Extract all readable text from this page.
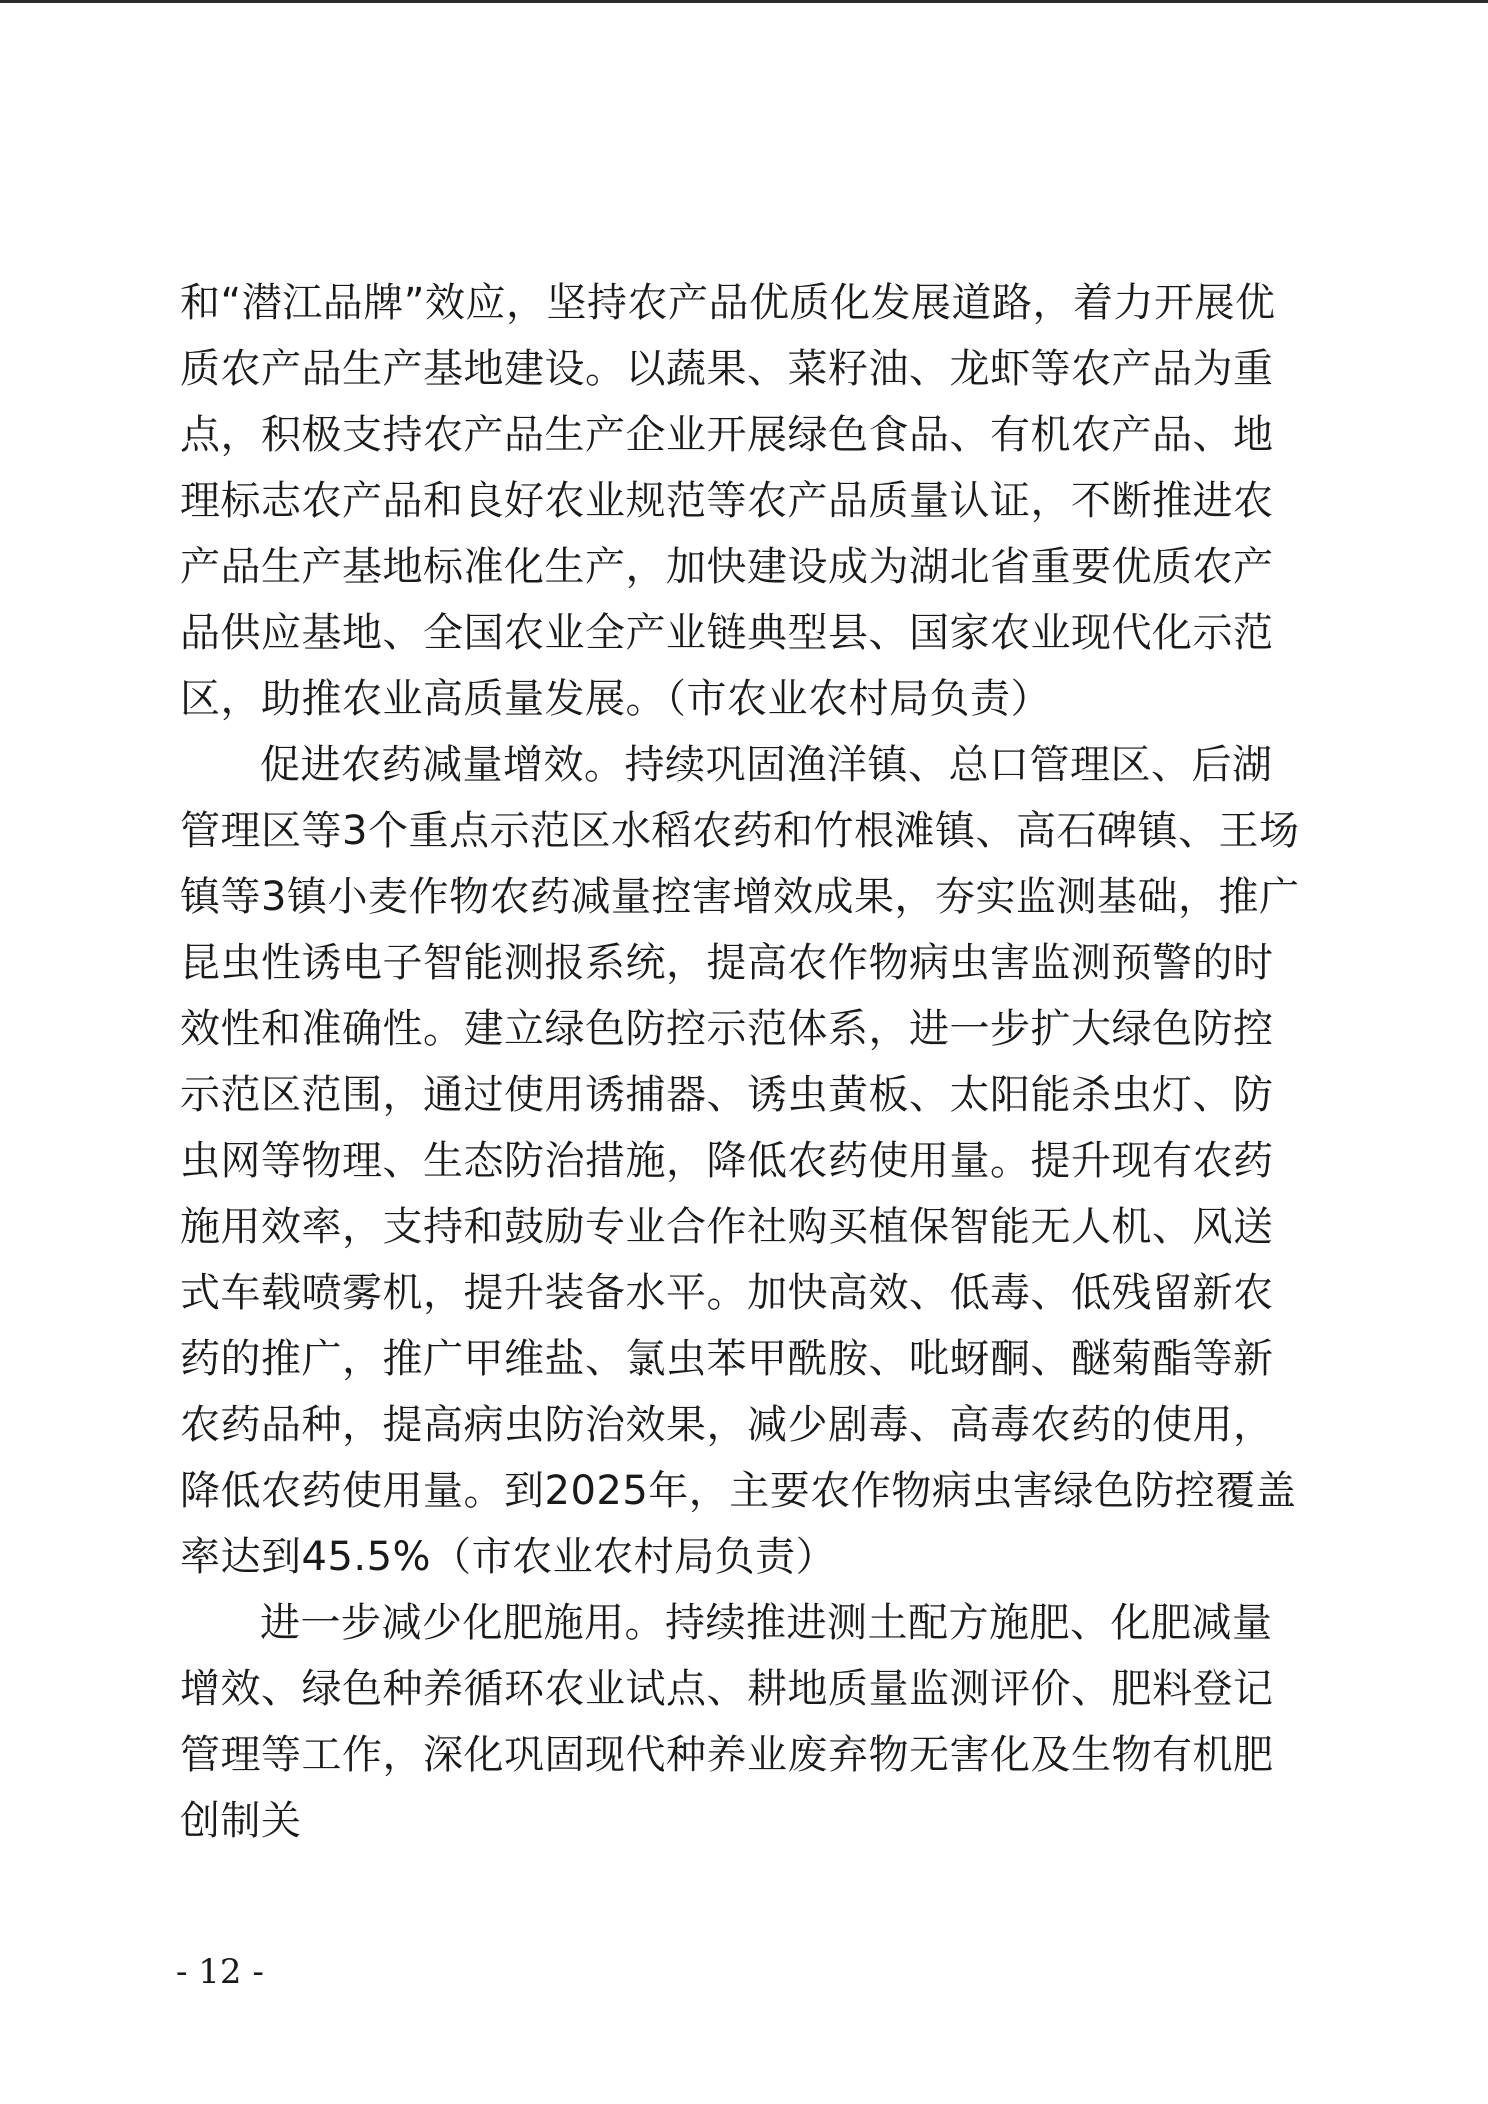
和“潜江品牌”效应，坚持农产品优质化发展道路，着力开展优质农产品生产基地建设。以蔬果、菜籽油、龙虾等农产品为重点，积极支持农产品生产企业开展绿色食品、有机农产品、地理标志农产品和良好农业规范等农产品质量认证，不断推进农产品生产基地标准化生产，加快建设成为湖北省重要优质农产品供应基地、全国农业全产业链典型县、国家农业现代化示范区，助推农业高质量发展。（市农业农村局负责）

促进农药减量增效。持续巩固渔洋镇、总口管理区、后湖管理区等3个重点示范区水稻农药和竹根滩镇、高石碑镇、王场镇等3镇小麦作物农药减量控害增效成果，夯实监测基础，推广昆虫性诱电子智能测报系统，提高农作物病虫害监测预警的时效性和准确性。建立绿色防控示范体系，进一步扩大绿色防控示范区范围，通过使用诱捕器、诱虫黄板、太阳能杀虫灯、防虫网等物理、生态防治措施，降低农药使用量。提升现有农药施用效率，支持和鼓励专业合作社购买植保智能无人机、风送式车载喷雾机，提升装备水平。加快高效、低毒、低残留新农药的推广，推广甲维盐、氯虫苯甲酰胺、吡蚜酮、醚菊酯等新农药品种，提高病虫防治效果，减少剧毒、高毒农药的使用，降低农药使用量。到2025年，主要农作物病虫害绿色防控覆盖率达到45.5%（市农业农村局负责）

进一步减少化肥施用。持续推进测土配方施肥、化肥减量增效、绿色种养循环农业试点、耕地质量监测评价、肥料登记管理等工作，深化巩固现代种养业废弃物无害化及生物有机肥创制关

- 12 -
